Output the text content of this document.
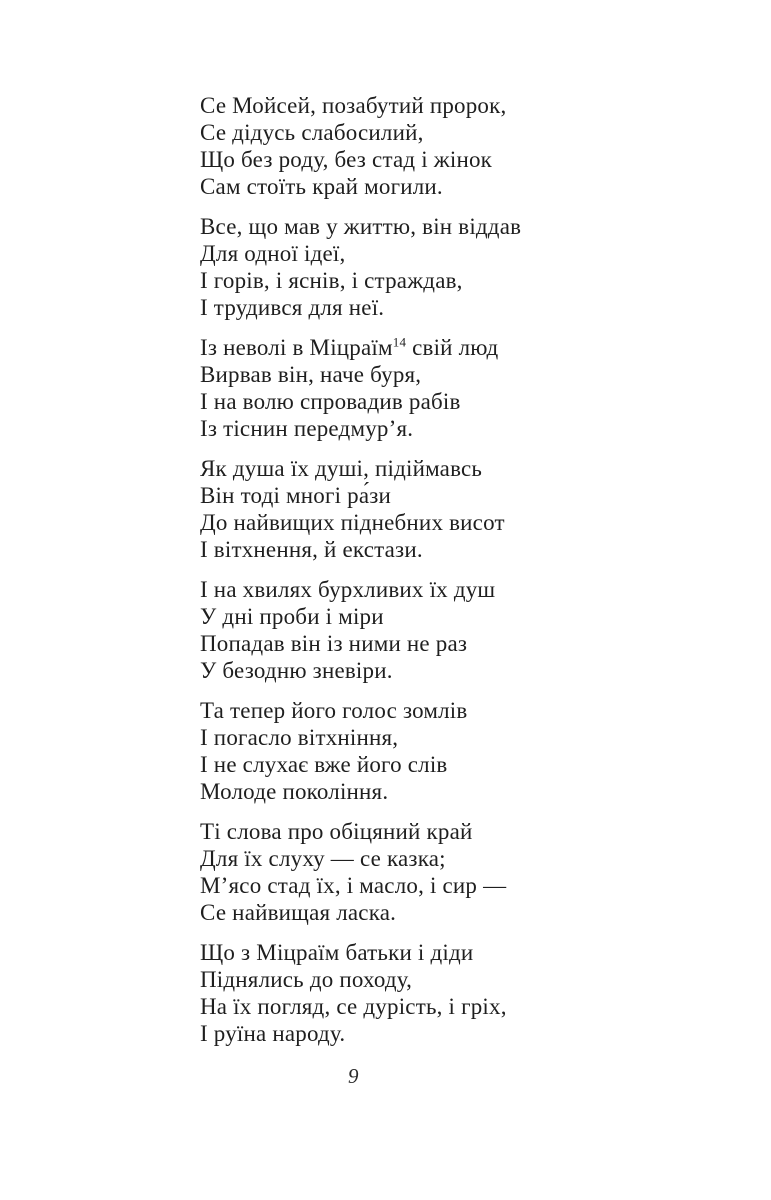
Се Мойсей, позабутий пророк,

Се дідусь слабосилий,

Що без роду, без стад і жінок

Сам стоїть край могили.

Все, що мав у життю, він віддав

Для одної ідеї,

І горів, і яснів, і страждав,

І трудився для неї.

Із неволі в Міцраїм$^{14}$ свій люд

Вирвав він, наче буря,

І на волю спровадив рабів

Із тіснин передмур’я.

Як душа їх душі, підіймавсь

Він тоді многі ра́зи

До найвищих піднебних висот

І вітхнення, й екстази.

І на хвилях бурхливих їх душ

У дні проби і міри

Попадав він із ними не раз

У безодню зневіри.

Та тепер його голос зомлів

І погасло вітхніння,

І не слухає вже його слів

Молоде покоління.

Ті слова про обіцяний край

Для їх слуху — се казка;

М’ясо стад їх, і масло, і сир —

Се найвищая ласка.

Що з Міцраїм батьки і діди

Піднялись до походу,

На їх погляд, се дурість, і гріх,

І руїна народу.

9
